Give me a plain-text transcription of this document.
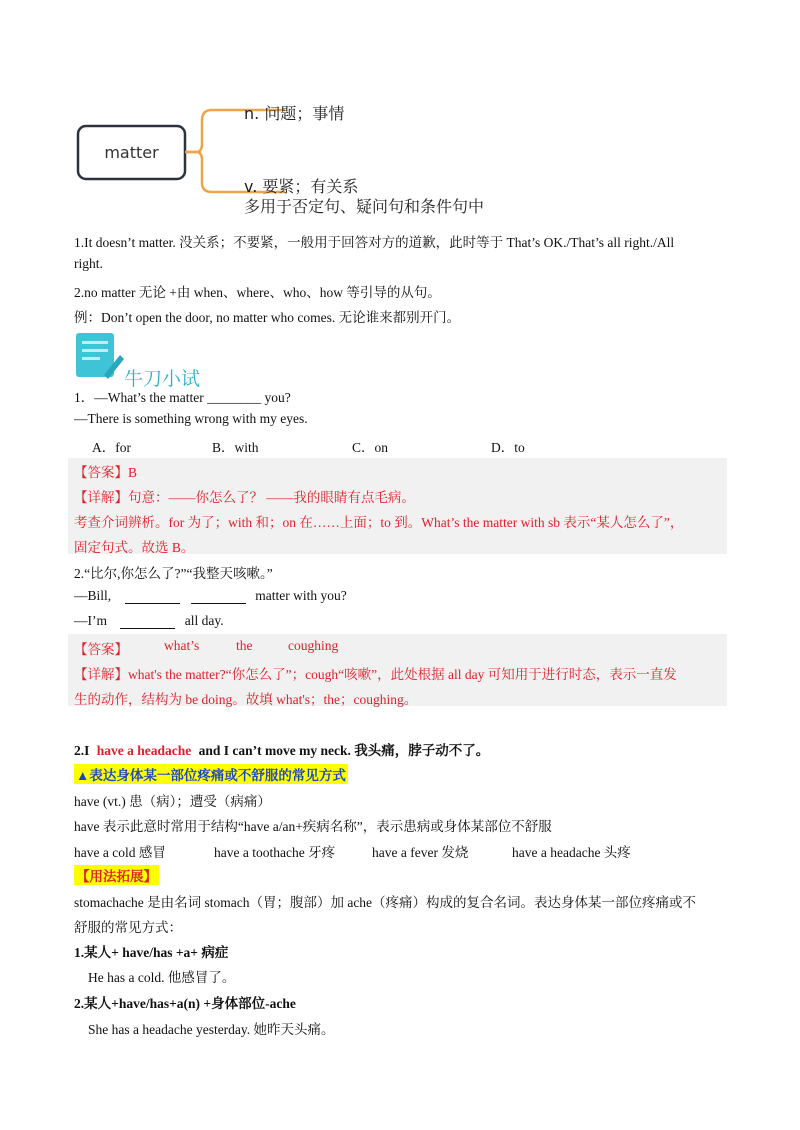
matter
n. 问题；事情
v. 要紧；有关系
多用于否定句、疑问句和条件句中
1.It doesn’t matter. 没关系；不要紧，一般用于回答对方的道歉，此时等于 That’s OK./That’s all right./All
right.
2.no matter 无论 +由 when、where、who、how 等引导的从句。
例：Don’t open the door, no matter who comes. 无论谁来都别开门。
牛刀小试
1．—What’s the matter ________ you?
—There is something wrong with my eyes.
A．for	B．with	C．on	D．to
【答案】B
【详解】句意：——你怎么了？ ——我的眼睛有点毛病。
考查介词辨析。for 为了；with 和；on 在……上面；to 到。What’s the matter with sb 表示“某人怎么了”，
固定句式。故选 B。
2.“比尔,你怎么了?”“我整天咳嗽。”
—Bill,	matter with you?
—I’m	all day.
【答案】	what’s	the	coughing
【详解】what's the matter?“你怎么了”；cough“咳嗽”，此处根据 all day 可知用于进行时态，表示一直发
生的动作，结构为 be doing。故填 what's；the；coughing。
2.I have a headache and I can’t move my neck. 我头痛，脖子动不了。
▲表达身体某一部位疼痛或不舒服的常见方式
have (vt.) 患（病）；遭受（病痛）
have 表示此意时常用于结构“have a/an+疾病名称”，表示患病或身体某部位不舒服
have a cold 感冒	have a toothache 牙疼	have a fever 发烧	have a headache 头疼
【用法拓展】
stomachache 是由名词 stomach（胃；腹部）加 ache（疼痛）构成的复合名词。表达身体某一部位疼痛或不
舒服的常见方式：
1.某人+ have/has +a+ 病症
He has a cold. 他感冒了。
2.某人+have/has+a(n) +身体部位-ache
She has a headache yesterday. 她昨天头痛。
